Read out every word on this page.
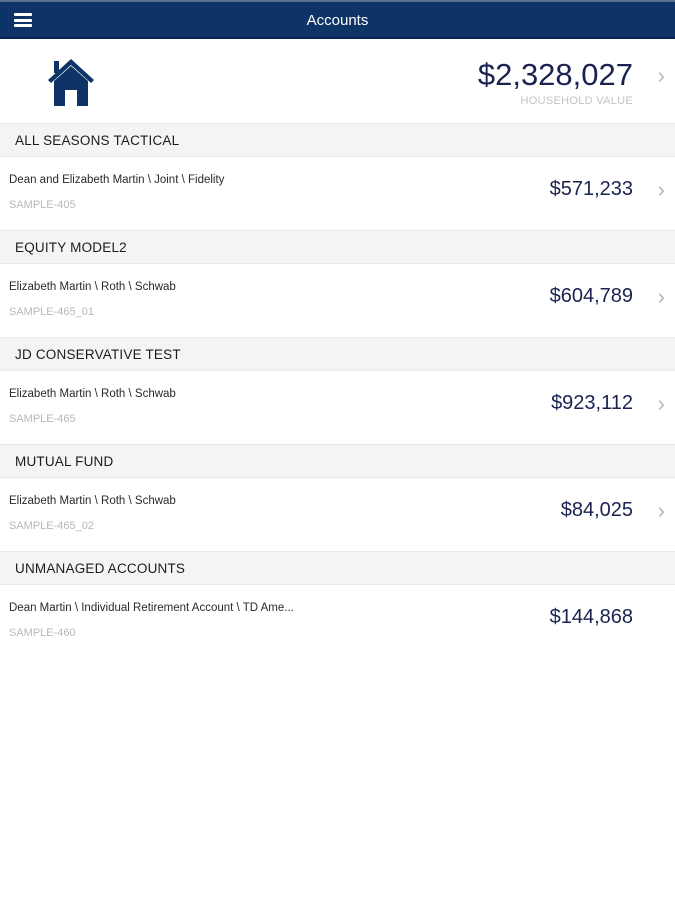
Accounts
$2,328,027
HOUSEHOLD VALUE
›
ALL SEASONS TACTICAL
Dean and Elizabeth Martin \ Joint \ Fidelity
SAMPLE-405
$571,233 ›
EQUITY MODEL2
Elizabeth Martin \ Roth \ Schwab
SAMPLE-465_01
$604,789 ›
JD CONSERVATIVE TEST
Elizabeth Martin \ Roth \ Schwab
SAMPLE-465
$923,112 ›
MUTUAL FUND
Elizabeth Martin \ Roth \ Schwab
SAMPLE-465_02
$84,025 ›
UNMANAGED ACCOUNTS
Dean Martin \ Individual Retirement Account \ TD Ame...
SAMPLE-460
$144,868
